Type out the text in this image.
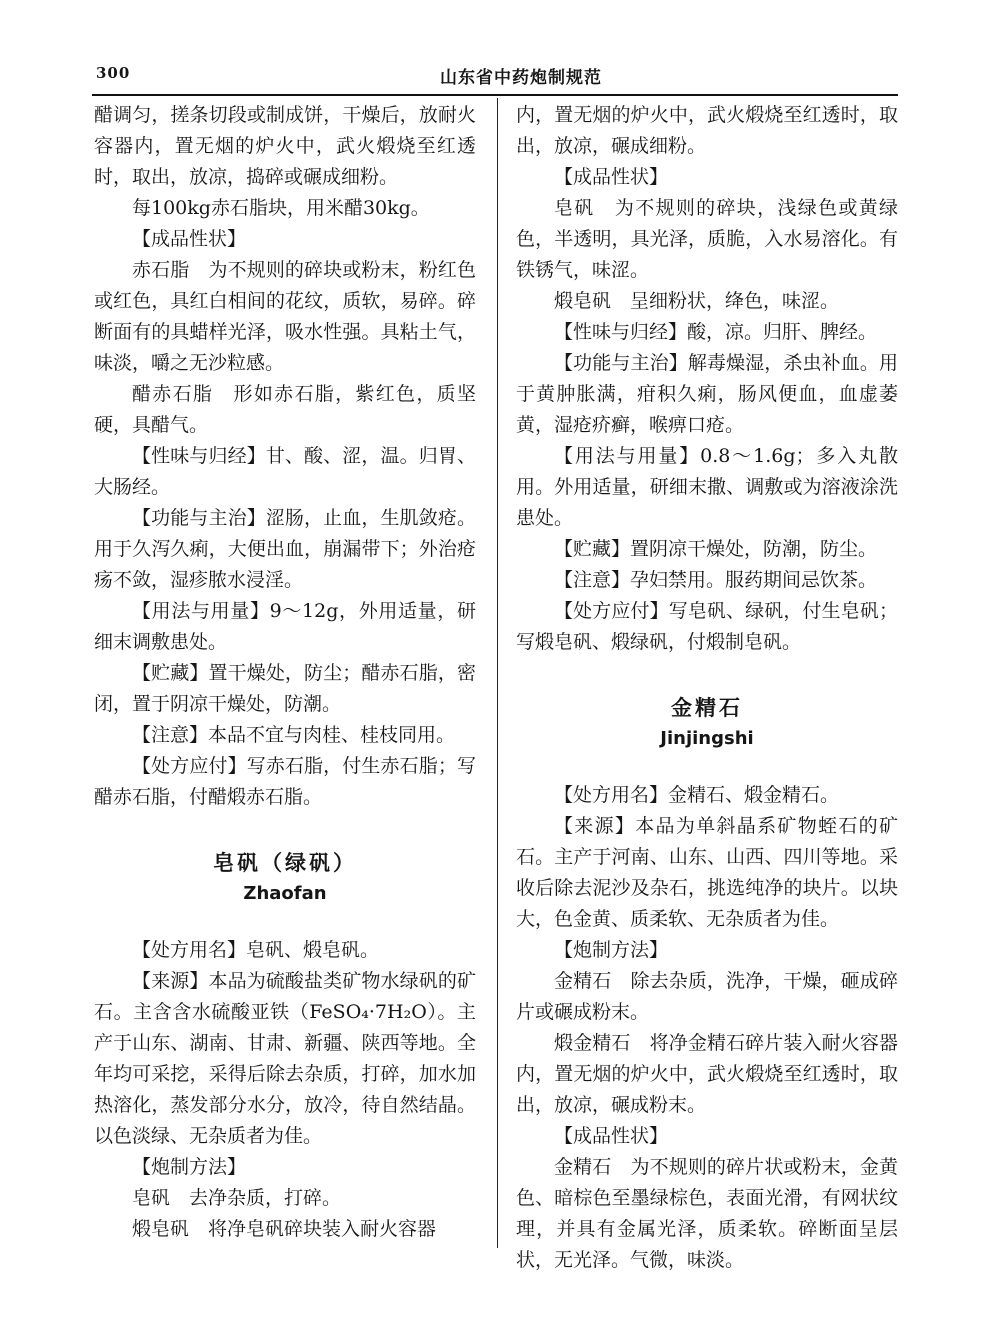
300	山东省中药炮制规范

醋调匀，搓条切段或制成饼，干燥后，放耐火容器内，置无烟的炉火中，武火煅烧至红透时，取出，放凉，捣碎或碾成细粉。

每100kg赤石脂块，用米醋30kg。

【成品性状】

赤石脂　为不规则的碎块或粉末，粉红色或红色，具红白相间的花纹，质软，易碎。碎断面有的具蜡样光泽，吸水性强。具粘土气，味淡，嚼之无沙粒感。

醋赤石脂　形如赤石脂，紫红色，质坚硬，具醋气。

【性味与归经】甘、酸、涩，温。归胃、大肠经。

【功能与主治】涩肠，止血，生肌敛疮。用于久泻久痢，大便出血，崩漏带下；外治疮疡不敛，湿疹脓水浸淫。

【用法与用量】9～12g，外用适量，研细末调敷患处。

【贮藏】置干燥处，防尘；醋赤石脂，密闭，置于阴凉干燥处，防潮。

【注意】本品不宜与肉桂、桂枝同用。

【处方应付】写赤石脂，付生赤石脂；写醋赤石脂，付醋煅赤石脂。

皂矾（绿矾）

Zhaofan

【处方用名】皂矾、煅皂矾。

【来源】本品为硫酸盐类矿物水绿矾的矿石。主含含水硫酸亚铁（FeSO₄·7H₂O）。主产于山东、湖南、甘肃、新疆、陕西等地。全年均可采挖，采得后除去杂质，打碎，加水加热溶化，蒸发部分水分，放冷，待自然结晶。以色淡绿、无杂质者为佳。

【炮制方法】

皂矾　去净杂质，打碎。

煅皂矾　将净皂矾碎块装入耐火容器

内，置无烟的炉火中，武火煅烧至红透时，取出，放凉，碾成细粉。

【成品性状】

皂矾　为不规则的碎块，浅绿色或黄绿色，半透明，具光泽，质脆，入水易溶化。有铁锈气，味涩。

煅皂矾　呈细粉状，绛色，味涩。

【性味与归经】酸，凉。归肝、脾经。

【功能与主治】解毒燥湿，杀虫补血。用于黄肿胀满，疳积久痢，肠风便血，血虚萎黄，湿疮疥癣，喉痹口疮。

【用法与用量】0.8～1.6g；多入丸散用。外用适量，研细末撒、调敷或为溶液涂洗患处。

【贮藏】置阴凉干燥处，防潮，防尘。

【注意】孕妇禁用。服药期间忌饮茶。

【处方应付】写皂矾、绿矾，付生皂矾；写煅皂矾、煅绿矾，付煅制皂矾。

金精石

Jinjingshi

【处方用名】金精石、煅金精石。

【来源】本品为单斜晶系矿物蛭石的矿石。主产于河南、山东、山西、四川等地。采收后除去泥沙及杂石，挑选纯净的块片。以块大，色金黄、质柔软、无杂质者为佳。

【炮制方法】

金精石　除去杂质，洗净，干燥，砸成碎片或碾成粉末。

煅金精石　将净金精石碎片装入耐火容器内，置无烟的炉火中，武火煅烧至红透时，取出，放凉，碾成粉末。

【成品性状】

金精石　为不规则的碎片状或粉末，金黄色、暗棕色至墨绿棕色，表面光滑，有网状纹理，并具有金属光泽，质柔软。碎断面呈层状，无光泽。气微，味淡。
